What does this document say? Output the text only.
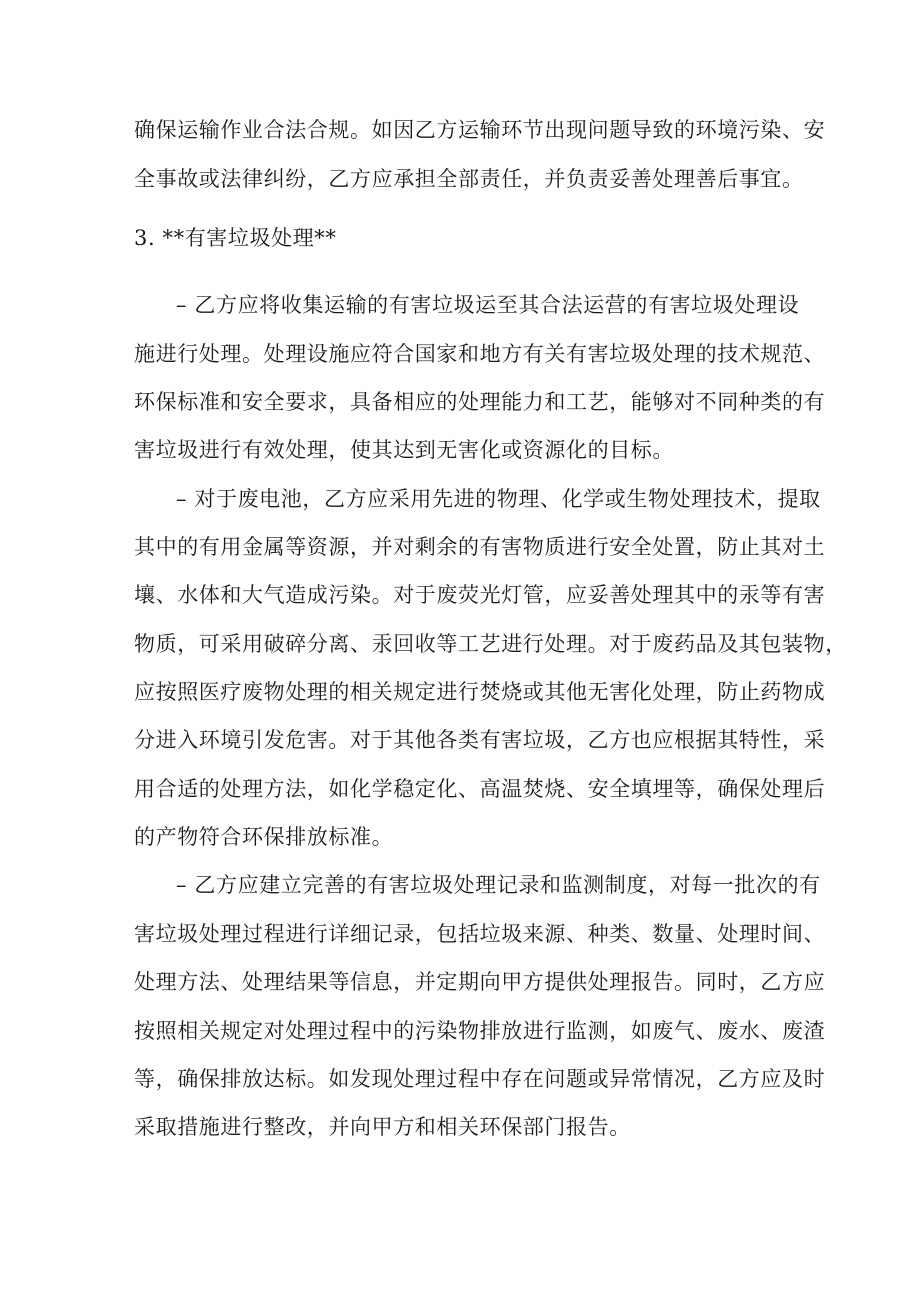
确保运输作业合法合规。如因乙方运输环节出现问题导致的环境污染、安
全事故或法律纠纷，乙方应承担全部责任，并负责妥善处理善后事宜。
3. **有害垃圾处理**
– 乙方应将收集运输的有害垃圾运至其合法运营的有害垃圾处理设
施进行处理。处理设施应符合国家和地方有关有害垃圾处理的技术规范、
环保标准和安全要求，具备相应的处理能力和工艺，能够对不同种类的有
害垃圾进行有效处理，使其达到无害化或资源化的目标。
– 对于废电池，乙方应采用先进的物理、化学或生物处理技术，提取
其中的有用金属等资源，并对剩余的有害物质进行安全处置，防止其对土
壤、水体和大气造成污染。对于废荧光灯管，应妥善处理其中的汞等有害
物质，可采用破碎分离、汞回收等工艺进行处理。对于废药品及其包装物，
应按照医疗废物处理的相关规定进行焚烧或其他无害化处理，防止药物成
分进入环境引发危害。对于其他各类有害垃圾，乙方也应根据其特性，采
用合适的处理方法，如化学稳定化、高温焚烧、安全填埋等，确保处理后
的产物符合环保排放标准。
– 乙方应建立完善的有害垃圾处理记录和监测制度，对每一批次的有
害垃圾处理过程进行详细记录，包括垃圾来源、种类、数量、处理时间、
处理方法、处理结果等信息，并定期向甲方提供处理报告。同时，乙方应
按照相关规定对处理过程中的污染物排放进行监测，如废气、废水、废渣
等，确保排放达标。如发现处理过程中存在问题或异常情况，乙方应及时
采取措施进行整改，并向甲方和相关环保部门报告。
